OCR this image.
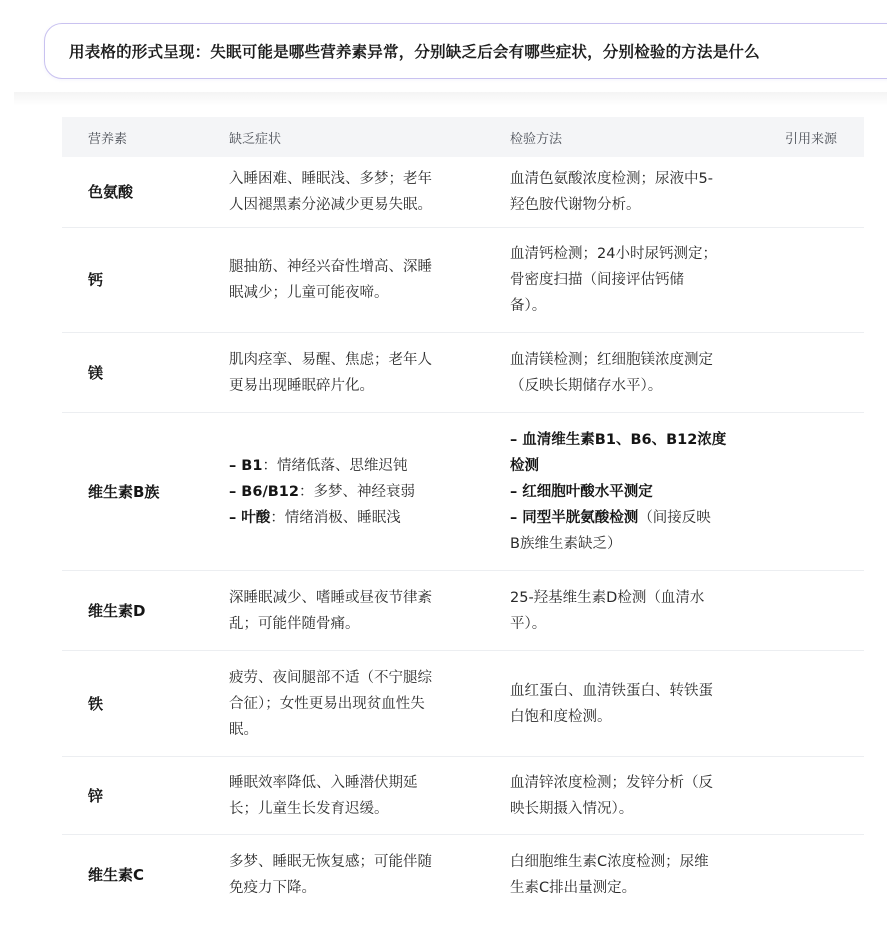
用表格的形式呈现：失眠可能是哪些营养素异常，分别缺乏后会有哪些症状，分别检验的方法是什么
营养素	缺乏症状	检验方法	引用来源
色氨酸	入睡困难、睡眠浅、多梦；老年
人因褪黑素分泌减少更易失眠。	血清色氨酸浓度检测；尿液中5-
羟色胺代谢物分析。	

钙	腿抽筋、神经兴奋性增高、深睡
眠减少；儿童可能夜啼。	血清钙检测；24小时尿钙测定；
骨密度扫描（间接评估钙储
备）。	

镁	肌肉痉挛、易醒、焦虑；老年人
更易出现睡眠碎片化。	血清镁检测；红细胞镁浓度测定
（反映长期储存水平）。	

维生素B族	– B1：情绪低落、思维迟钝
– B6/B12：多梦、神经衰弱
– 叶酸：情绪消极、睡眠浅	– 血清维生素B1、B6、B12浓度
检测
– 红细胞叶酸水平测定
– 同型半胱氨酸检测（间接反映
B族维生素缺乏）	

维生素D	深睡眠减少、嗜睡或昼夜节律紊
乱；可能伴随骨痛。	25-羟基维生素D检测（血清水
平）。	

铁	疲劳、夜间腿部不适（不宁腿综
合征）；女性更易出现贫血性失
眠。	血红蛋白、血清铁蛋白、转铁蛋
白饱和度检测。	

锌	睡眠效率降低、入睡潜伏期延
长；儿童生长发育迟缓。	血清锌浓度检测；发锌分析（反
映长期摄入情况）。	

维生素C	多梦、睡眠无恢复感；可能伴随
免疫力下降。	白细胞维生素C浓度检测；尿维
生素C排出量测定。	
